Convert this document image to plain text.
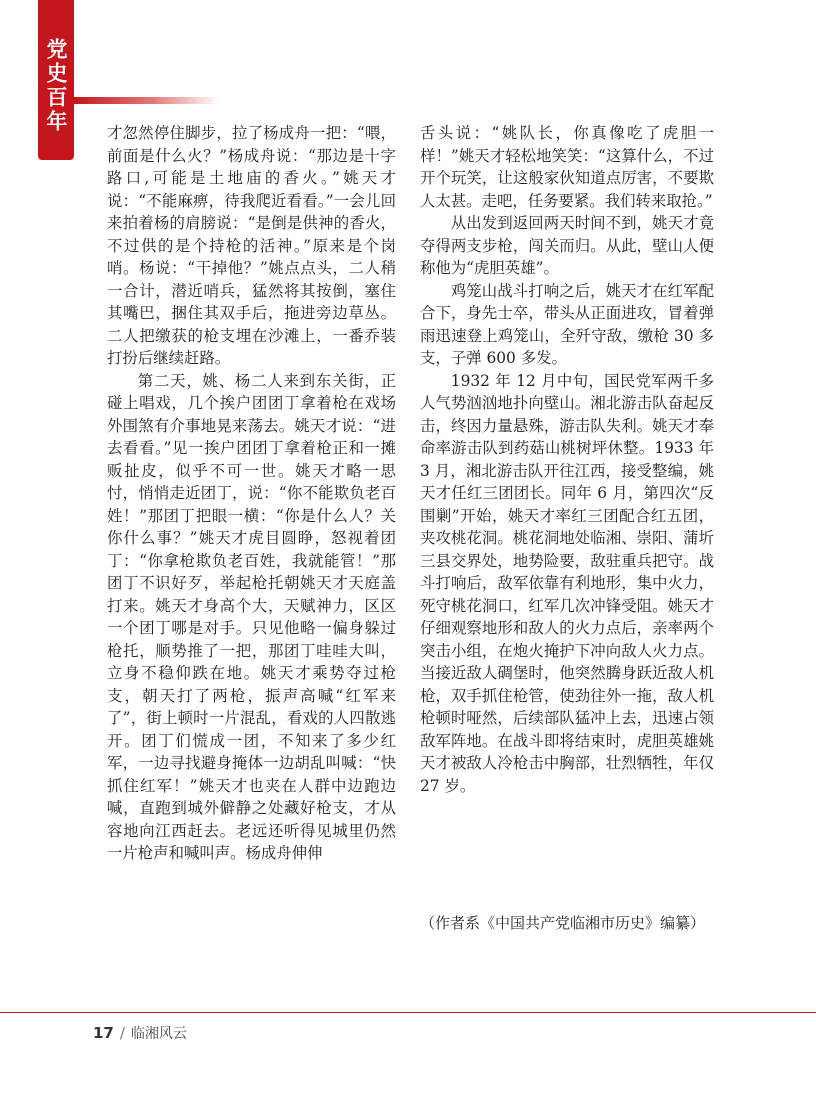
党史百年	才忽然停住脚步，拉了杨成舟一把：“喂，前面是什么火？”杨成舟说：“那边是十字路口,可能是土地庙的香火。”姚天才说：“不能麻痹，待我爬近看看。”一会儿回来拍着杨的肩膀说：“是倒是供神的香火，不过供的是个持枪的活神。”原来是个岗哨。杨说：“干掉他？”姚点点头，二人稍一合计，潜近哨兵，猛然将其按倒，塞住其嘴巴，捆住其双手后，拖进旁边草丛。二人把缴获的枪支埋在沙滩上，一番乔装打扮后继续赶路。

第二天，姚、杨二人来到东关街，正碰上唱戏，几个挨户团团丁拿着枪在戏场外围煞有介事地晃来荡去。姚天才说：“进去看看。”见一挨户团团丁拿着枪正和一摊贩扯皮，似乎不可一世。姚天才略一思忖，悄悄走近团丁，说：“你不能欺负老百姓！”那团丁把眼一横：“你是什么人？关你什么事？”姚天才虎目圆睁，怒视着团丁：“你拿枪欺负老百姓，我就能管！”那团丁不识好歹，举起枪托朝姚天才天庭盖打来。姚天才身高个大，天赋神力，区区一个团丁哪是对手。只见他略一偏身躲过枪托，顺势推了一把，那团丁哇哇大叫，立身不稳仰跌在地。姚天才乘势夺过枪支，朝天打了两枪，振声高喊“红军来了”，街上顿时一片混乱，看戏的人四散逃开。团丁们慌成一团，不知来了多少红军，一边寻找避身掩体一边胡乱叫喊：“快抓住红军！”姚天才也夹在人群中边跑边喊，直跑到城外僻静之处藏好枪支，才从容地向江西赶去。老远还听得见城里仍然一片枪声和喊叫声。杨成舟伸伸

舌头说：“姚队长，你真像吃了虎胆一样！”姚天才轻松地笑笑：“这算什么，不过开个玩笑，让这般家伙知道点厉害，不要欺人太甚。走吧，任务要紧。我们转来取抢。”

从出发到返回两天时间不到，姚天才竟夺得两支步枪，闯关而归。从此，壁山人便称他为“虎胆英雄”。

鸡笼山战斗打响之后，姚天才在红军配合下，身先士卒，带头从正面进攻，冒着弹雨迅速登上鸡笼山，全歼守敌，缴枪 30 多支，子弹 600 多发。

1932 年 12 月中旬，国民党军两千多人气势汹汹地扑向壁山。湘北游击队奋起反击，终因力量悬殊，游击队失利。姚天才奉命率游击队到药菇山桃树坪休整。1933 年 3 月，湘北游击队开往江西，接受整编，姚天才任红三团团长。同年 6 月，第四次“反围剿”开始，姚天才率红三团配合红五团，夹攻桃花洞。桃花洞地处临湘、崇阳、蒲圻三县交界处，地势险要，敌驻重兵把守。战斗打响后，敌军依靠有利地形，集中火力，死守桃花洞口，红军几次冲锋受阻。姚天才仔细观察地形和敌人的火力点后，亲率两个突击小组，在炮火掩护下冲向敌人火力点。当接近敌人碉堡时，他突然腾身跃近敌人机枪，双手抓住枪管，使劲往外一拖，敌人机枪顿时哑然，后续部队猛冲上去，迅速占领敌军阵地。在战斗即将结束时，虎胆英雄姚天才被敌人冷枪击中胸部，壮烈牺牲，年仅 27 岁。

（作者系《中国共产党临湘市历史》编纂）
17 / 临湘风云
